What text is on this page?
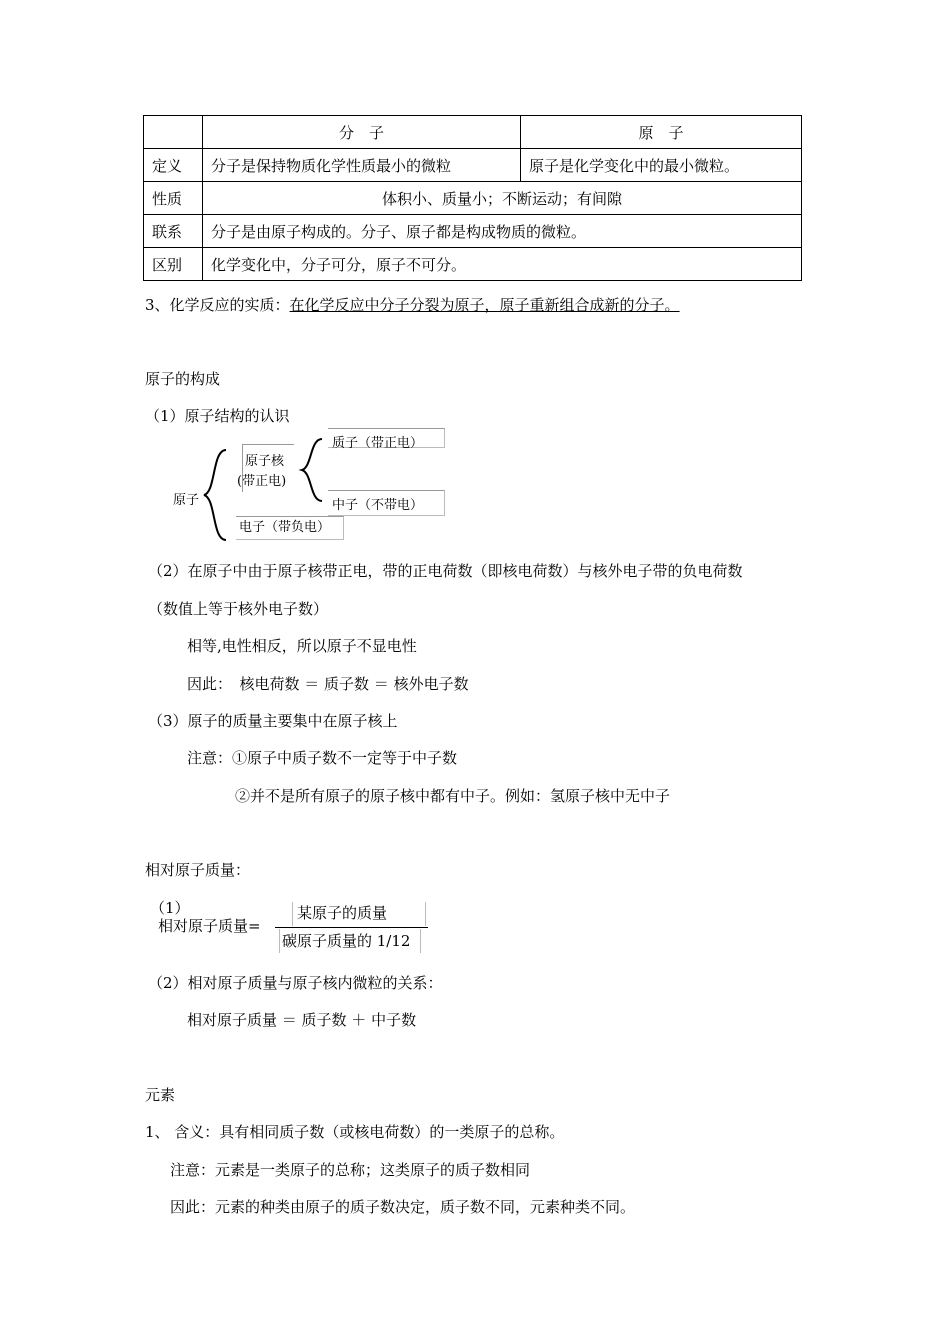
	分　子	原　子
定义	分子是保持物质化学性质最小的微粒	原子是化学变化中的最小微粒。
性质	体积小、质量小；不断运动；有间隙	
联系	分子是由原子构成的。分子、原子都是构成物质的微粒。	
区别	化学变化中，分子可分，原子不可分。	
3、化学反应的实质：在化学反应中分子分裂为原子，原子重新组合成新的分子。
原子的构成
（1）原子结构的认识
原子
原子核
(带正电)
质子（带正电）
中子（不带电）
电子（带负电）
（2）在原子中由于原子核带正电，带的正电荷数（即核电荷数）与核外电子带的负电荷数
（数值上等于核外电子数）
相等,电性相反，所以原子不显电性
因此：　核电荷数 ＝ 质子数 ＝ 核外电子数
（3）原子的质量主要集中在原子核上
注意：①原子中质子数不一定等于中子数
②并不是所有原子的原子核中都有中子。例如：氢原子核中无中子
相对原子质量：
（1）
相对原子质量=
某原子的质量
碳原子质量的 1/12
（2）相对原子质量与原子核内微粒的关系：
相对原子质量 ＝ 质子数 ＋ 中子数
元素
1、 含义：具有相同质子数（或核电荷数）的一类原子的总称。
注意：元素是一类原子的总称；这类原子的质子数相同
因此：元素的种类由原子的质子数决定，质子数不同，元素种类不同。
